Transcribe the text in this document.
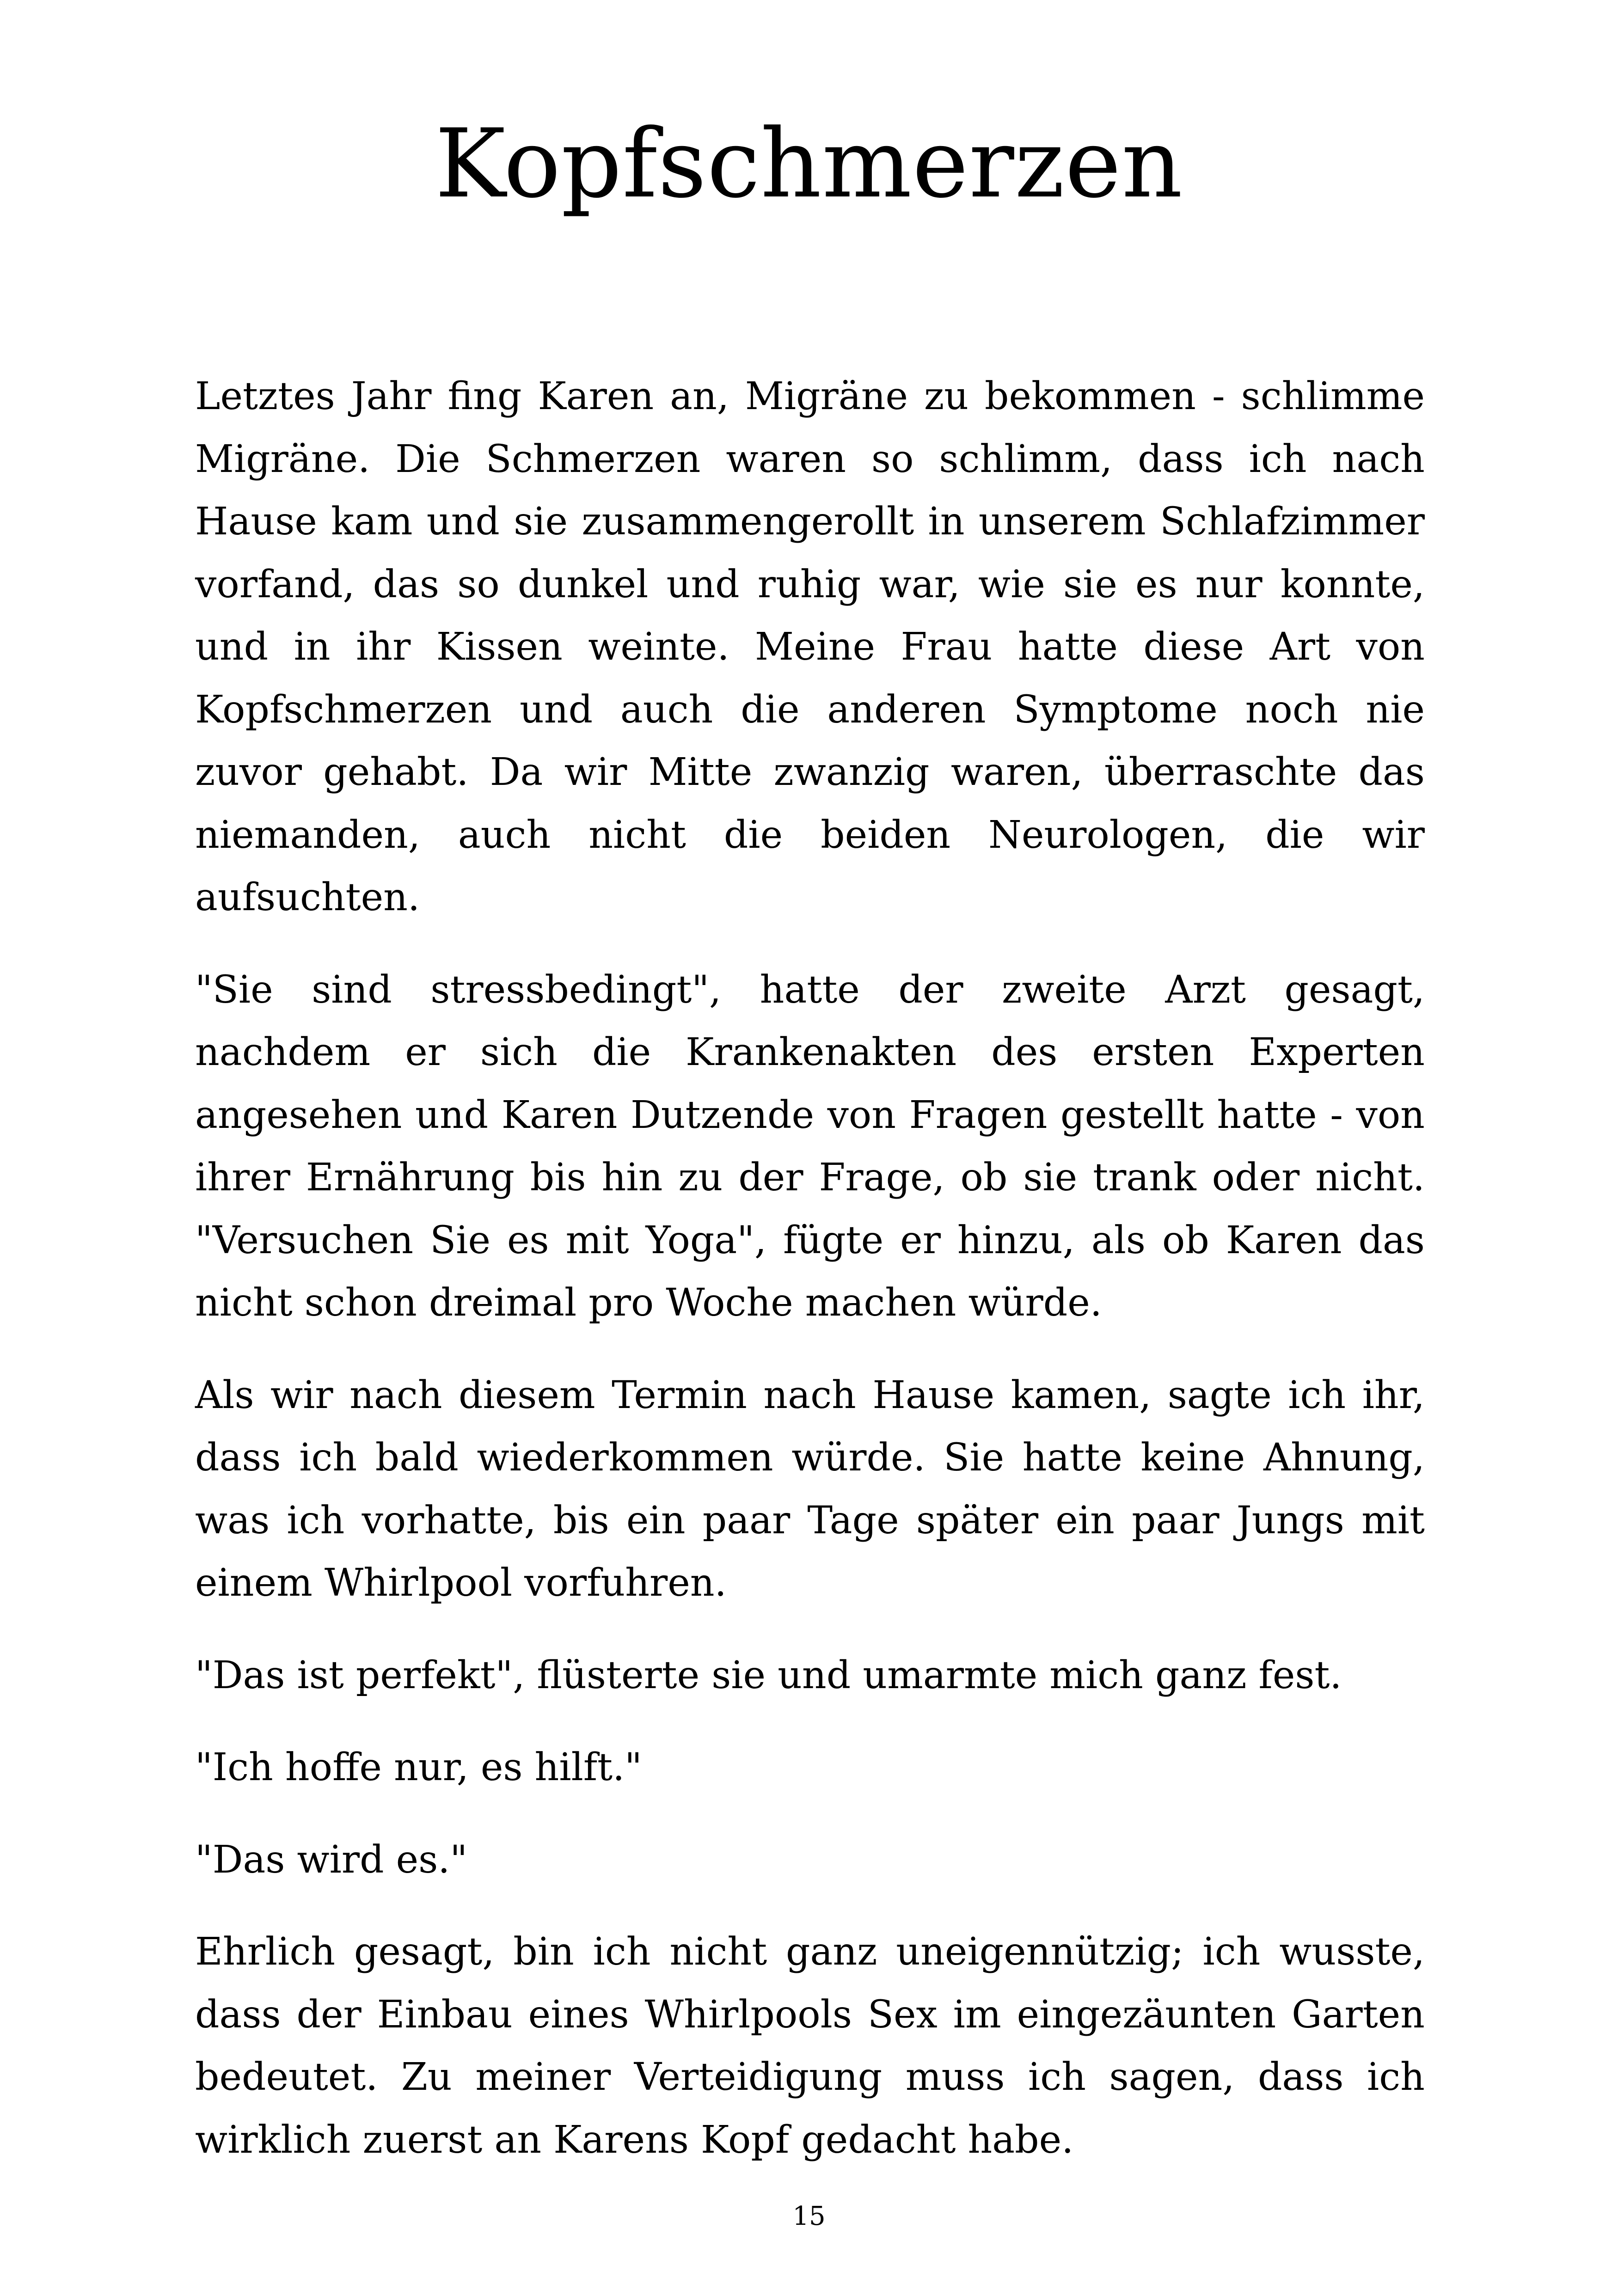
Kopfschmerzen

Letztes Jahr fing Karen an, Migräne zu bekommen - schlimme Migräne. Die Schmerzen waren so schlimm, dass ich nach Hause kam und sie zusammengerollt in unserem Schlafzimmer vorfand, das so dunkel und ruhig war, wie sie es nur konnte, und in ihr Kissen weinte. Meine Frau hatte diese Art von Kopfschmerzen und auch die anderen Symptome noch nie zuvor gehabt. Da wir Mitte zwanzig waren, überraschte das niemanden, auch nicht die beiden Neurologen, die wir aufsuchten.

"Sie sind stressbedingt", hatte der zweite Arzt gesagt, nachdem er sich die Krankenakten des ersten Experten angesehen und Karen Dutzende von Fragen gestellt hatte - von ihrer Ernährung bis hin zu der Frage, ob sie trank oder nicht. "Versuchen Sie es mit Yoga", fügte er hinzu, als ob Karen das nicht schon dreimal pro Woche machen würde.

Als wir nach diesem Termin nach Hause kamen, sagte ich ihr, dass ich bald wiederkommen würde. Sie hatte keine Ahnung, was ich vorhatte, bis ein paar Tage später ein paar Jungs mit einem Whirlpool vorfuhren.

"Das ist perfekt", flüsterte sie und umarmte mich ganz fest.

"Ich hoffe nur, es hilft."

"Das wird es."

Ehrlich gesagt, bin ich nicht ganz uneigennützig; ich wusste, dass der Einbau eines Whirlpools Sex im eingezäunten Garten bedeutet. Zu meiner Verteidigung muss ich sagen, dass ich wirklich zuerst an Karens Kopf gedacht habe.

15
